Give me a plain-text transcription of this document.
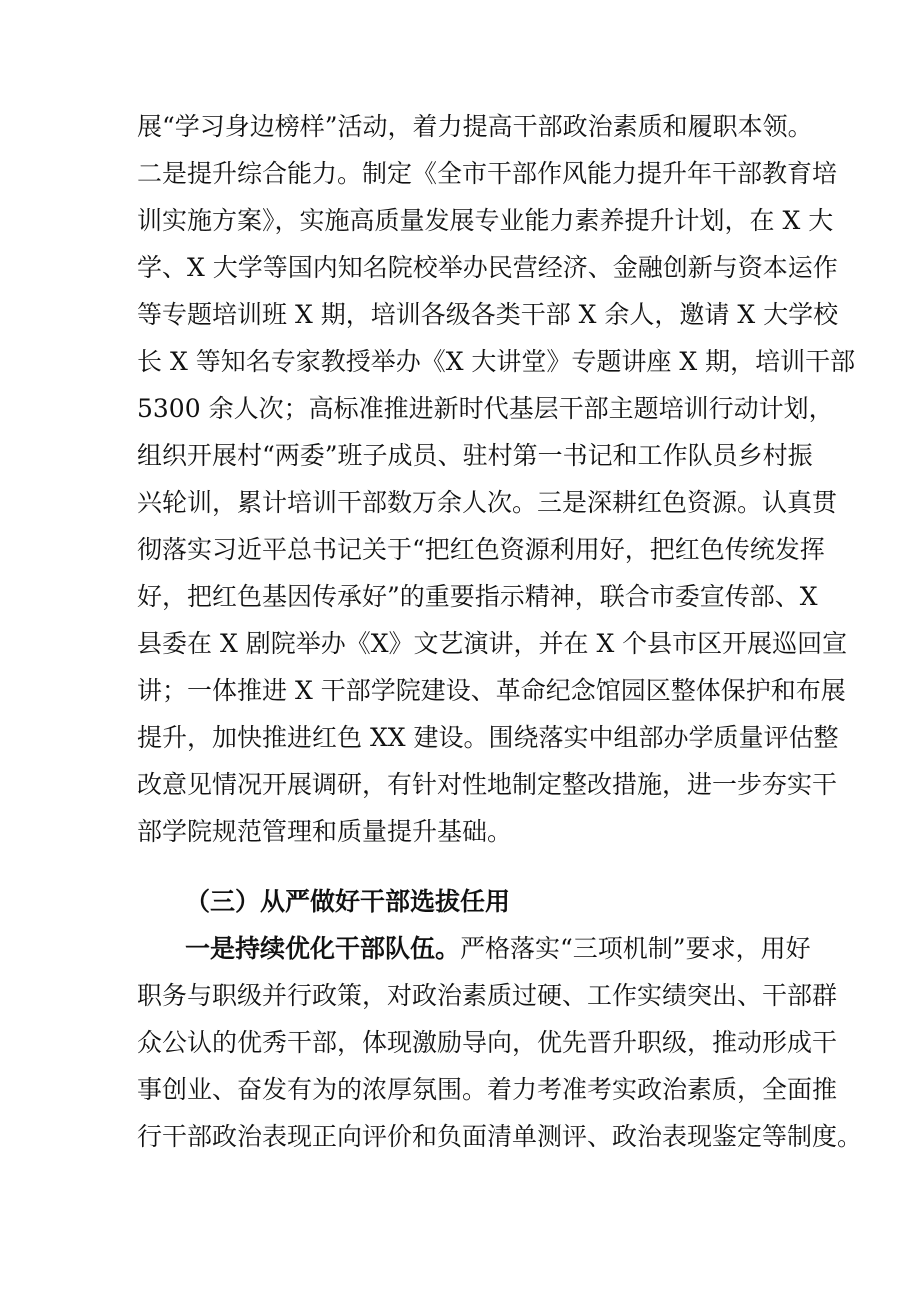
展“学习身边榜样”活动，着力提高干部政治素质和履职本领。
二是提升综合能力。制定《全市干部作风能力提升年干部教育培
训实施方案》，实施高质量发展专业能力素养提升计划，在 X 大
学、X 大学等国内知名院校举办民营经济、金融创新与资本运作
等专题培训班 X 期，培训各级各类干部 X 余人，邀请 X 大学校
长 X 等知名专家教授举办《X 大讲堂》专题讲座 X 期，培训干部
5300 余人次；高标准推进新时代基层干部主题培训行动计划，
组织开展村“两委”班子成员、驻村第一书记和工作队员乡村振
兴轮训，累计培训干部数万余人次。三是深耕红色资源。认真贯
彻落实习近平总书记关于“把红色资源利用好，把红色传统发挥
好，把红色基因传承好”的重要指示精神，联合市委宣传部、X
县委在 X 剧院举办《X》文艺演讲，并在 X 个县市区开展巡回宣
讲；一体推进 X 干部学院建设、革命纪念馆园区整体保护和布展
提升，加快推进红色 XX 建设。围绕落实中组部办学质量评估整
改意见情况开展调研，有针对性地制定整改措施，进一步夯实干
部学院规范管理和质量提升基础。
（三）从严做好干部选拔任用
一是持续优化干部队伍。严格落实“三项机制”要求，用好
职务与职级并行政策，对政治素质过硬、工作实绩突出、干部群
众公认的优秀干部，体现激励导向，优先晋升职级，推动形成干
事创业、奋发有为的浓厚氛围。着力考准考实政治素质，全面推
行干部政治表现正向评价和负面清单测评、政治表现鉴定等制度。
